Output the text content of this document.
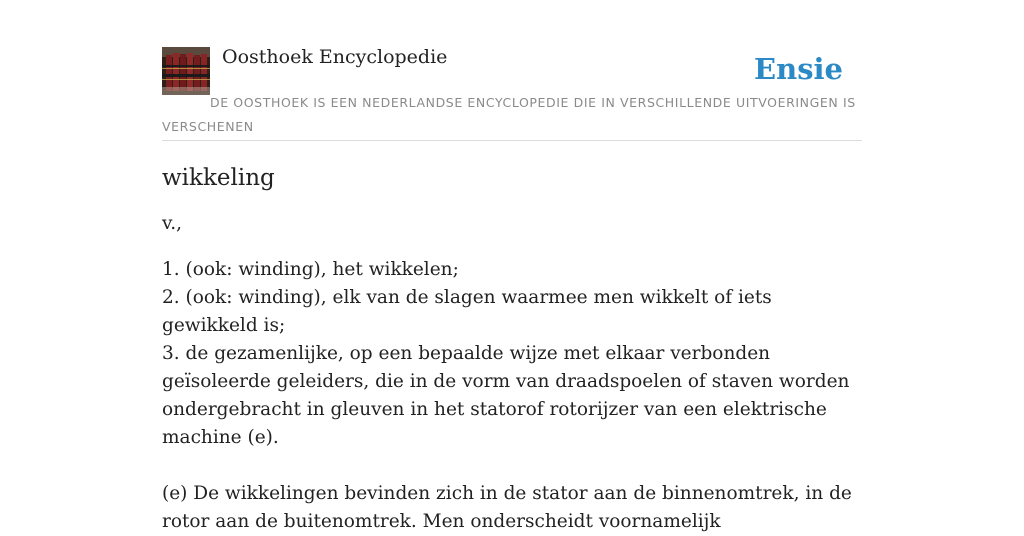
Oosthoek Encyclopedie	Ensie
DE OOSTHOEK IS EEN NEDERLANDSE ENCYCLOPEDIE DIE IN VERSCHILLENDE UITVOERINGEN IS VERSCHENEN
wikkeling

v.,

1. (ook: winding), het wikkelen;
2. (ook: winding), elk van de slagen waarmee men wikkelt of iets gewikkeld is;
3. de gezamenlijke, op een bepaalde wijze met elkaar verbonden geïsoleerde geleiders, die in de vorm van draadspoelen of staven worden ondergebracht in gleuven in het statorof rotorijzer van een elektrische machine (e).

(e) De wikkelingen bevinden zich in de stator aan de binnenomtrek, in de rotor aan de buitenomtrek. Men onderscheidt voornamelijk
